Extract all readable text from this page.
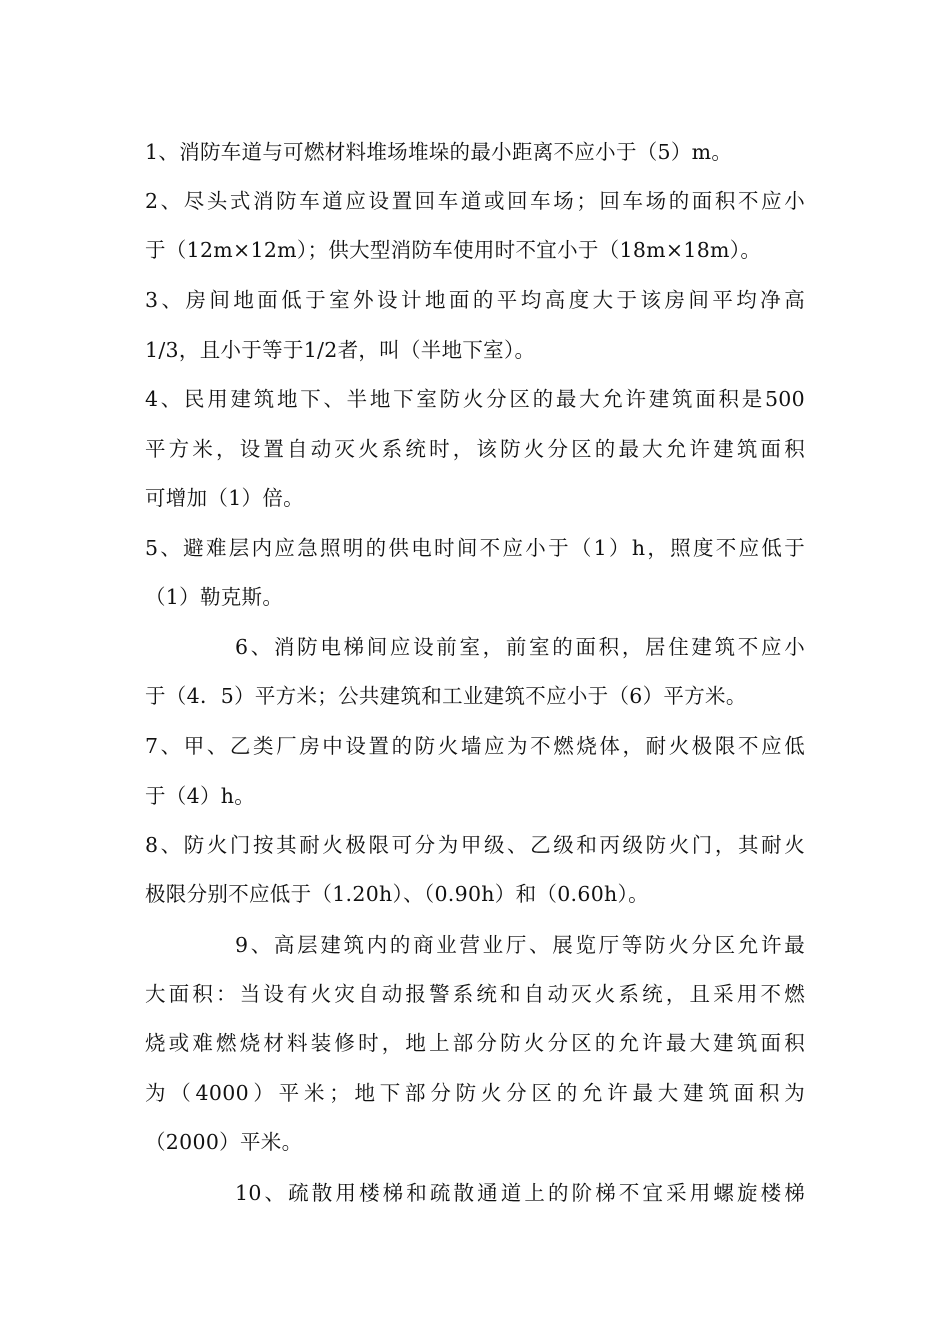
1、消防车道与可燃材料堆场堆垛的最小距离不应小于（5）m。
2、尽头式消防车道应设置回车道或回车场；回车场的面积不应小
于（12m×12m）；供大型消防车使用时不宜小于（18m×18m）。
3、房间地面低于室外设计地面的平均高度大于该房间平均净高
1/3，且小于等于1/2者，叫（半地下室）。
4、民用建筑地下、半地下室防火分区的最大允许建筑面积是500
平方米，设置自动灭火系统时，该防火分区的最大允许建筑面积
可增加（1）倍。
5、避难层内应急照明的供电时间不应小于（1）h，照度不应低于
（1）勒克斯。
6、消防电梯间应设前室，前室的面积，居住建筑不应小
于（4．5）平方米；公共建筑和工业建筑不应小于（6）平方米。
7、甲、乙类厂房中设置的防火墙应为不燃烧体，耐火极限不应低
于（4）h。
8、防火门按其耐火极限可分为甲级、乙级和丙级防火门，其耐火
极限分别不应低于（1.20h）、（0.90h）和（0.60h）。
9、高层建筑内的商业营业厅、展览厅等防火分区允许最
大面积：当设有火灾自动报警系统和自动灭火系统，且采用不燃
烧或难燃烧材料装修时，地上部分防火分区的允许最大建筑面积
为（4000）平米；地下部分防火分区的允许最大建筑面积为
（2000）平米。
10、疏散用楼梯和疏散通道上的阶梯不宜采用螺旋楼梯
